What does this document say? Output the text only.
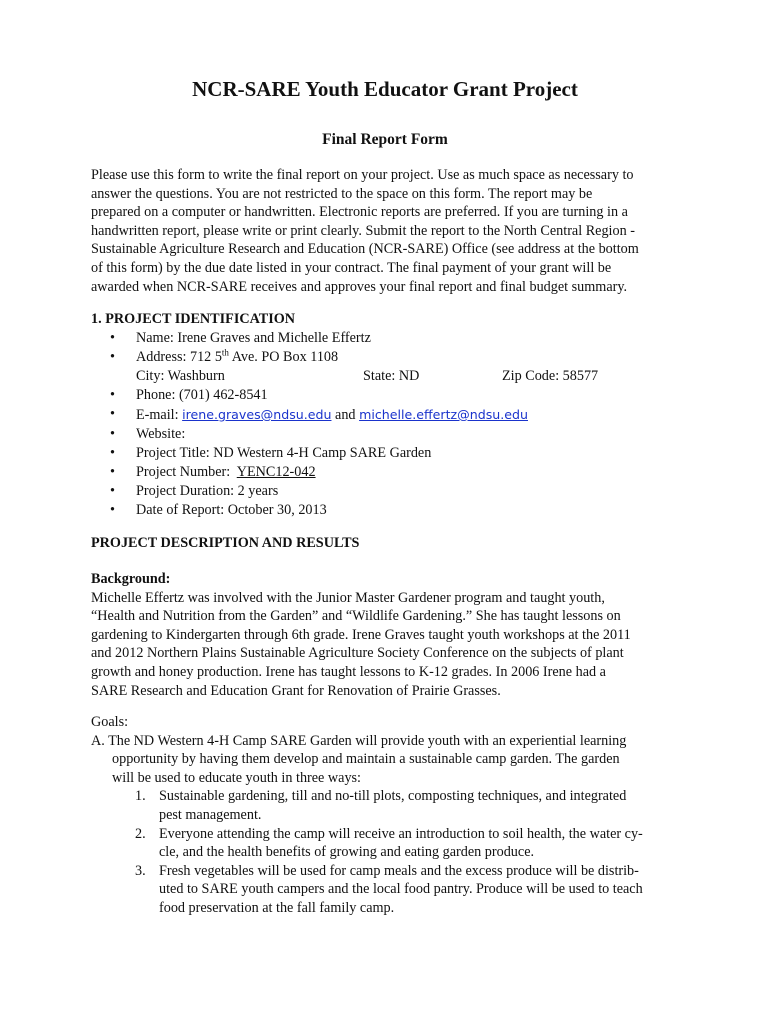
NCR-SARE Youth Educator Grant Project
Final Report Form

Please use this form to write the final report on your project. Use as much space as necessary to
answer the questions. You are not restricted to the space on this form. The report may be
prepared on a computer or handwritten. Electronic reports are preferred. If you are turning in a
handwritten report, please write or print clearly. Submit the report to the North Central Region -
Sustainable Agriculture Research and Education (NCR-SARE) Office (see address at the bottom
of this form) by the due date listed in your contract. The final payment of your grant will be
awarded when NCR-SARE receives and approves your final report and final budget summary.

1. PROJECT IDENTIFICATION
• Name: Irene Graves and Michelle Effertz
• Address: 712 5th Ave. PO Box 1108
City: Washburn	State: ND	Zip Code: 58577
• Phone: (701) 462-8541
• E-mail: irene.graves@ndsu.edu and michelle.effertz@ndsu.edu
• Website:
• Project Title: ND Western 4-H Camp SARE Garden
• Project Number:  YENC12-042
• Project Duration: 2 years
• Date of Report: October 30, 2013
PROJECT DESCRIPTION AND RESULTS
Background:
Michelle Effertz was involved with the Junior Master Gardener program and taught youth,
“Health and Nutrition from the Garden” and “Wildlife Gardening.” She has taught lessons on
gardening to Kindergarten through 6th grade. Irene Graves taught youth workshops at the 2011
and 2012 Northern Plains Sustainable Agriculture Society Conference on the subjects of plant
growth and honey production. Irene has taught lessons to K-12 grades. In 2006 Irene had a
SARE Research and Education Grant for Renovation of Prairie Grasses.
Goals:
A. The ND Western 4-H Camp SARE Garden will provide youth with an experiential learning
opportunity by having them develop and maintain a sustainable camp garden. The garden
will be used to educate youth in three ways:
1. Sustainable gardening, till and no-till plots, composting techniques, and integrated
pest management.
2. Everyone attending the camp will receive an introduction to soil health, the water cy-
cle, and the health benefits of growing and eating garden produce.
3. Fresh vegetables will be used for camp meals and the excess produce will be distrib-
uted to SARE youth campers and the local food pantry. Produce will be used to teach
food preservation at the fall family camp.
